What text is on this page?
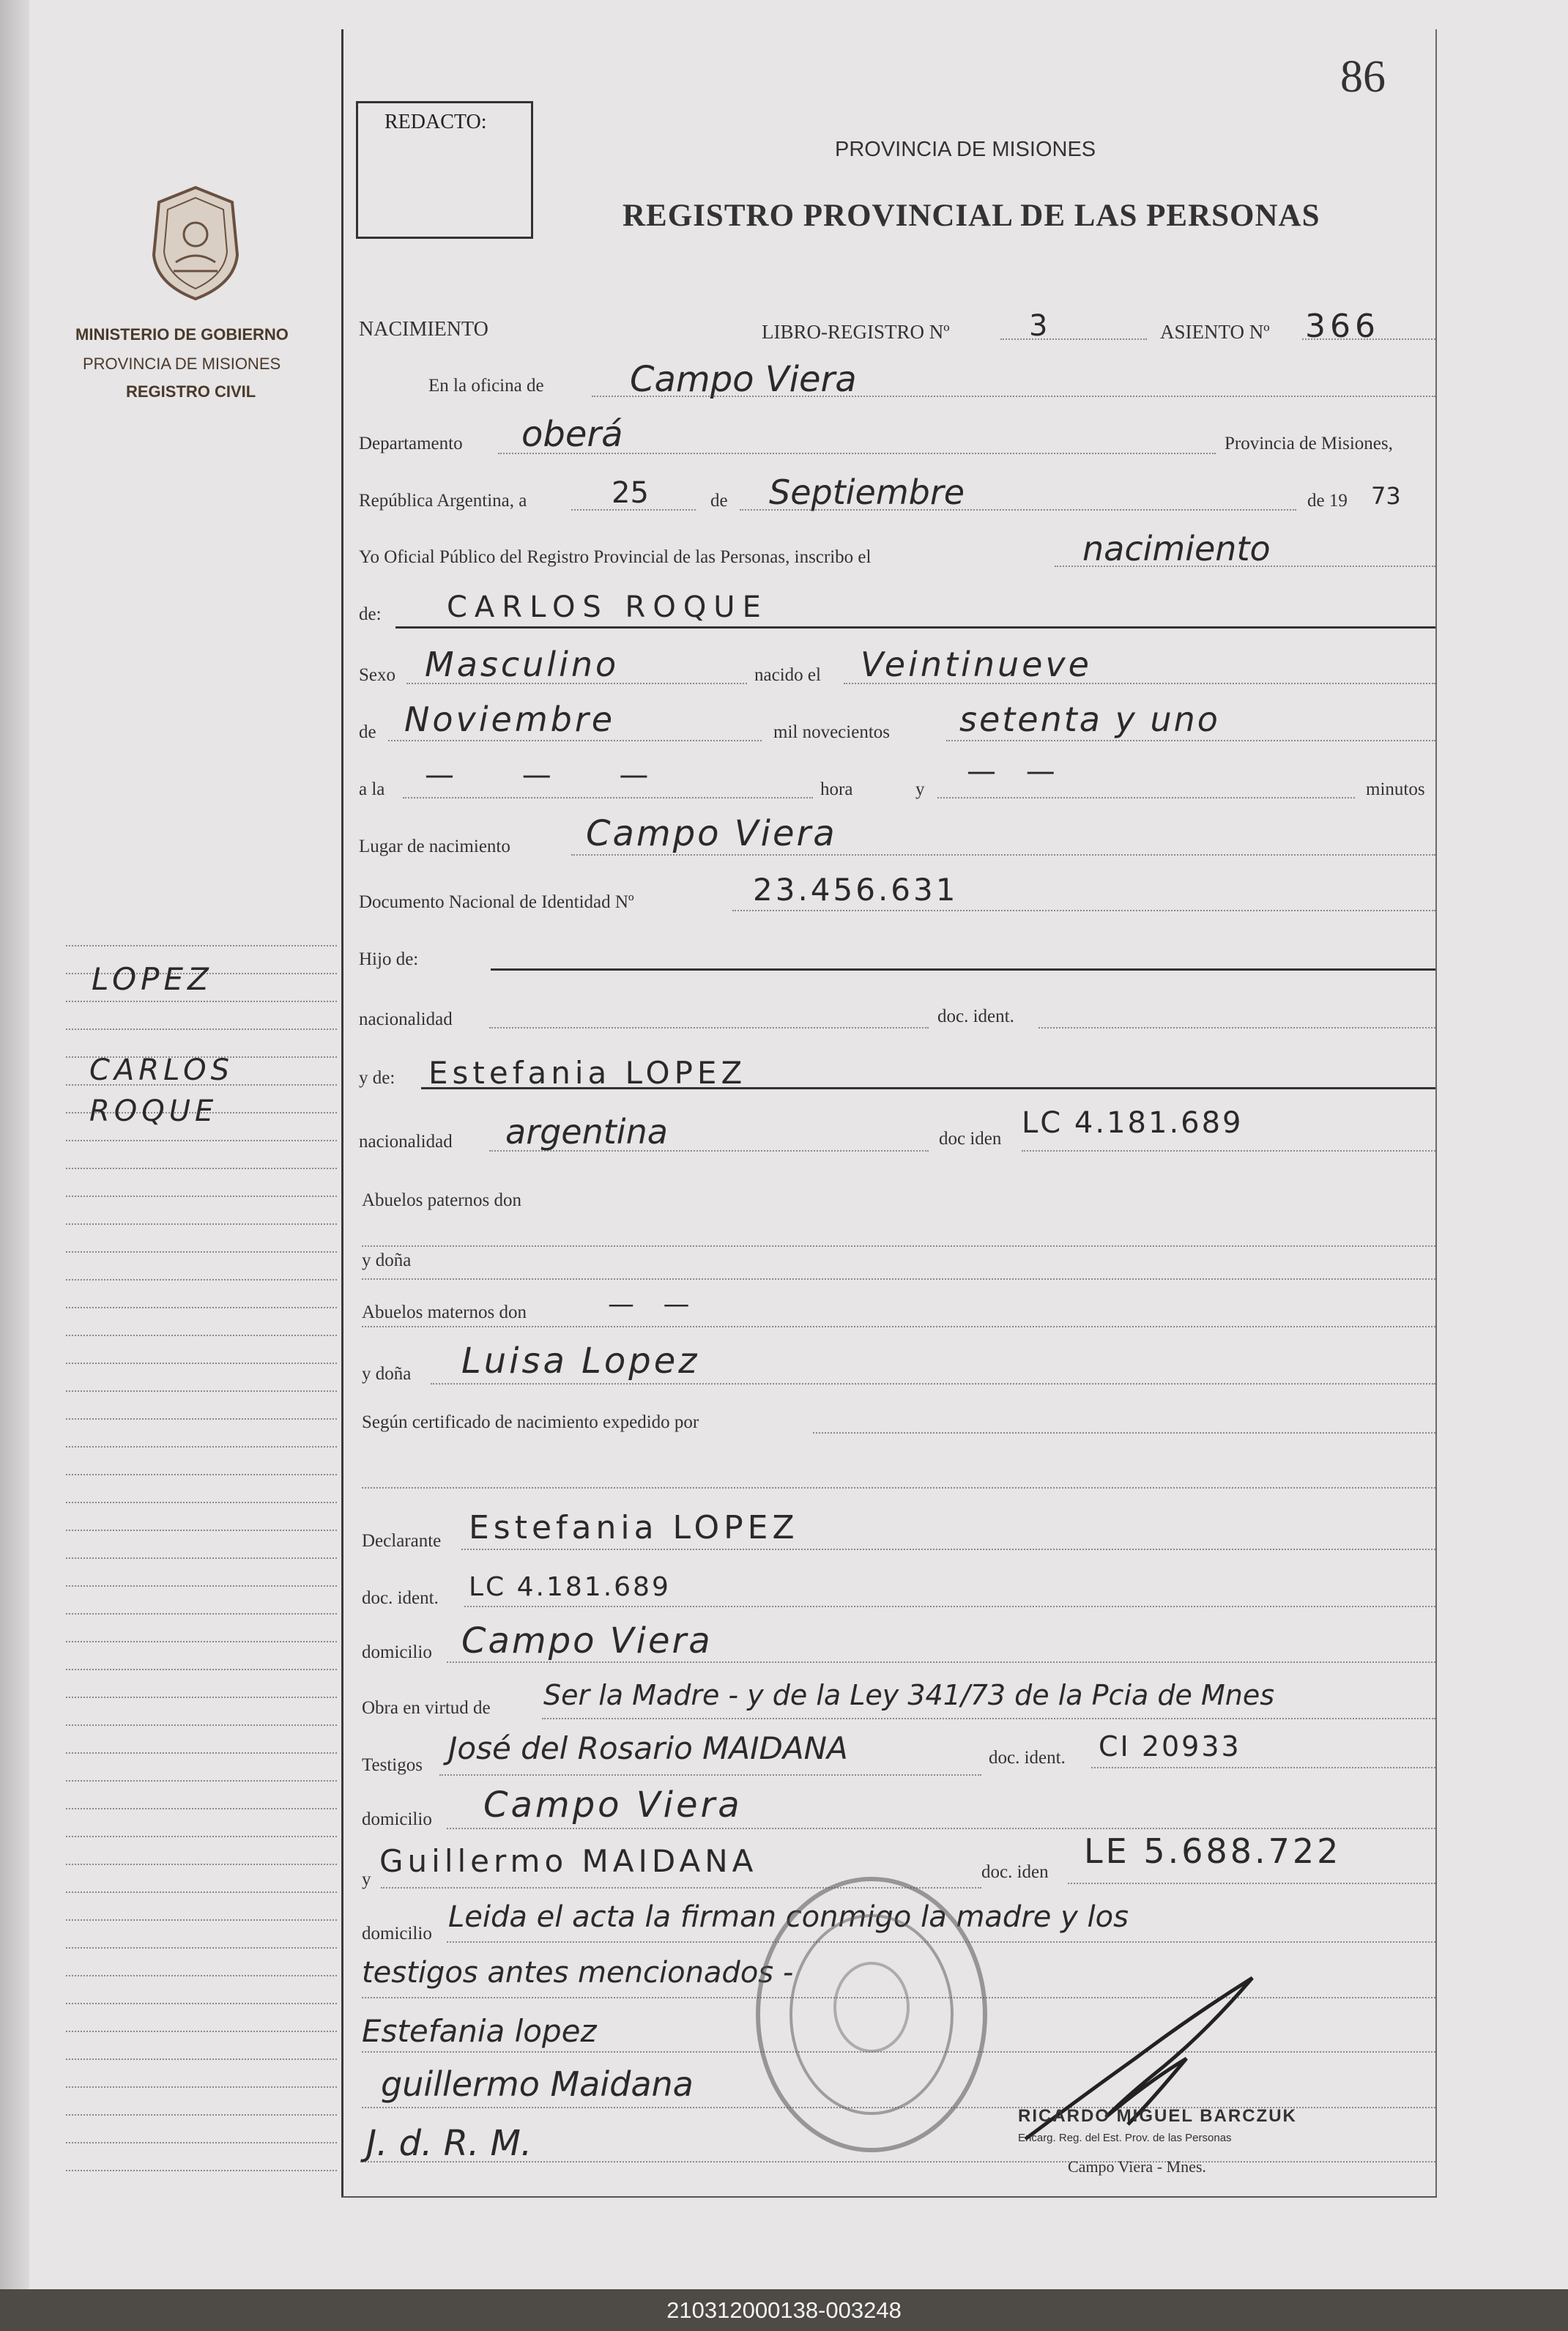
MINISTERIO DE GOBIERNO
PROVINCIA DE MISIONES
REGISTRO CIVIL
LOPEZ
CARLOS
ROQUE
86
REDACTO:
PROVINCIA DE MISIONES
REGISTRO PROVINCIAL DE LAS PERSONAS
NACIMIENTO	LIBRO-REGISTRO Nº	3	ASIENTO Nº 366
En la oficina de Campo Viera
Departamento oberá	Provincia de Misiones,
República Argentina, a	25	de Septiembre	de 19 73
Yo Oficial Público del Registro Provincial de las Personas, inscribo el	nacimiento
de: CARLOS ROQUE
Sexo Masculino	nacido el Veintinueve
de Noviembre	mil novecientos setenta y uno
a la — — —	hora	y
— —
minutos
Lugar de nacimiento Campo Viera
Documento Nacional de Identidad Nº	23.456.631
Hijo de:
nacionalidad	doc. ident.
y de: Estefania LOPEZ
nacionalidad argentina	doc iden LC 4.181.689
Abuelos paternos don
y doña
Abuelos maternos don	— —
y doña Luisa Lopez
Según certificado de nacimiento expedido por
Declarante Estefania LOPEZ
doc. ident. LC 4.181.689
domicilio Campo Viera
Obra en virtud de Ser la Madre - y de la Ley 341/73 de la Pcia de Mnes
Testigos José del Rosario MAIDANA	doc. ident. CI 20933
domicilio Campo Viera
y
Guillermo MAIDANA	doc. iden
LE 5.688.722
domicilio Leida el acta la firman conmigo la madre y los
testigos antes mencionados -
Estefania lopez
guillermo Maidana
J. d. R. M.
RICARDO MIGUEL BARCZUK
Encarg. Reg. del Est. Prov. de las Personas
Campo Viera - Mnes.
210312000138-003248
